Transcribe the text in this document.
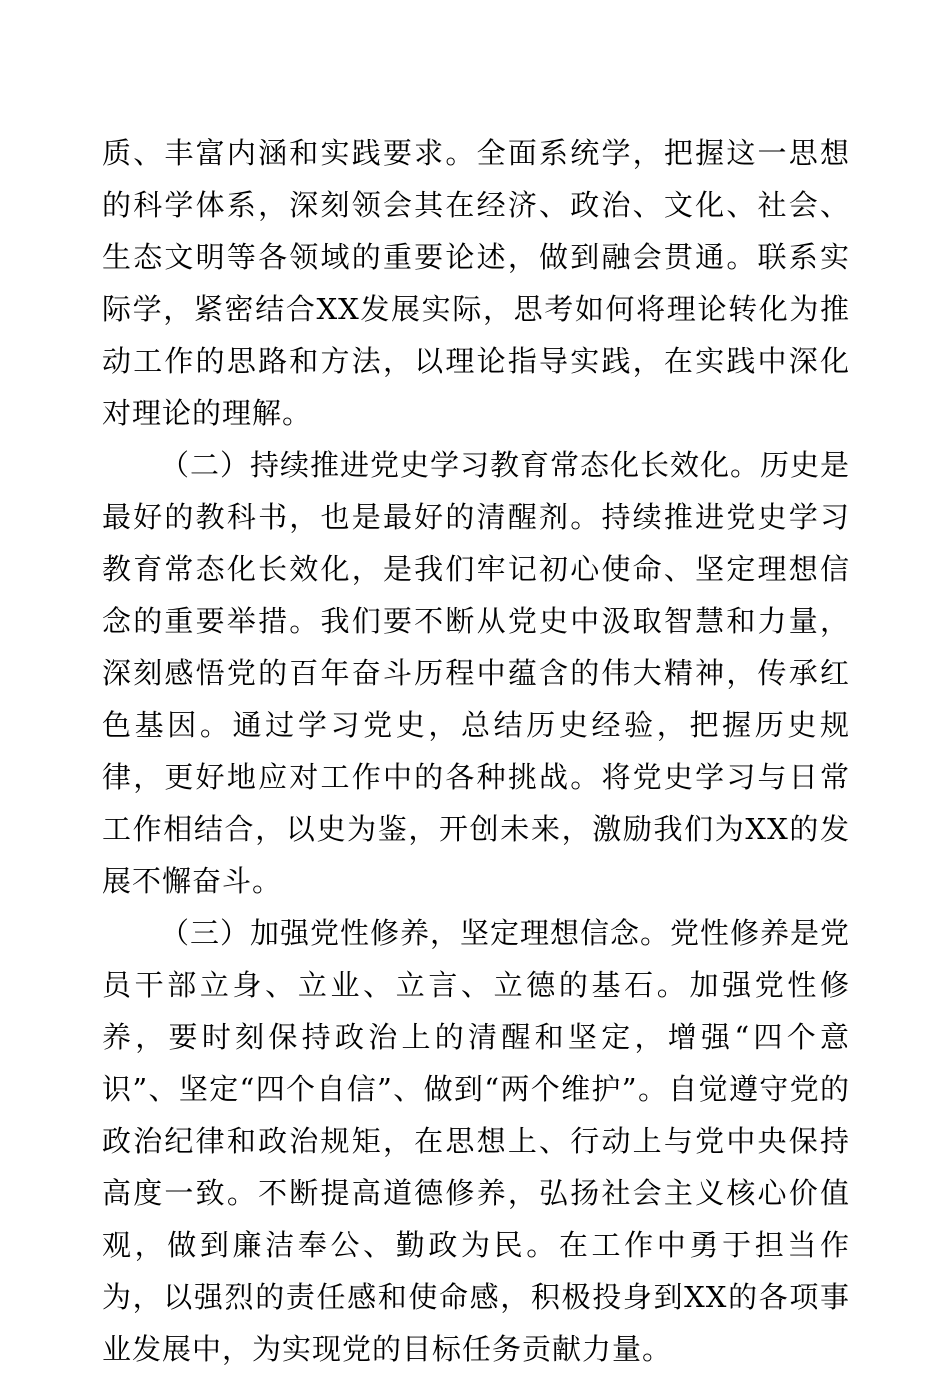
质、丰富内涵和实践要求。全面系统学，把握这一思想的科学体系，深刻领会其在经济、政治、文化、社会、生态文明等各领域的重要论述，做到融会贯通。联系实际学，紧密结合XX发展实际，思考如何将理论转化为推动工作的思路和方法，以理论指导实践，在实践中深化对理论的理解。

（二）持续推进党史学习教育常态化长效化。历史是最好的教科书，也是最好的清醒剂。持续推进党史学习教育常态化长效化，是我们牢记初心使命、坚定理想信念的重要举措。我们要不断从党史中汲取智慧和力量，深刻感悟党的百年奋斗历程中蕴含的伟大精神，传承红色基因。通过学习党史，总结历史经验，把握历史规律，更好地应对工作中的各种挑战。将党史学习与日常工作相结合，以史为鉴，开创未来，激励我们为XX的发展不懈奋斗。

（三）加强党性修养，坚定理想信念。党性修养是党员干部立身、立业、立言、立德的基石。加强党性修养，要时刻保持政治上的清醒和坚定，增强“四个意识”、坚定“四个自信”、做到“两个维护”。自觉遵守党的政治纪律和政治规矩，在思想上、行动上与党中央保持高度一致。不断提高道德修养，弘扬社会主义核心价值观，做到廉洁奉公、勤政为民。在工作中勇于担当作为，以强烈的责任感和使命感，积极投身到XX的各项事业发展中，为实现党的目标任务贡献力量。
